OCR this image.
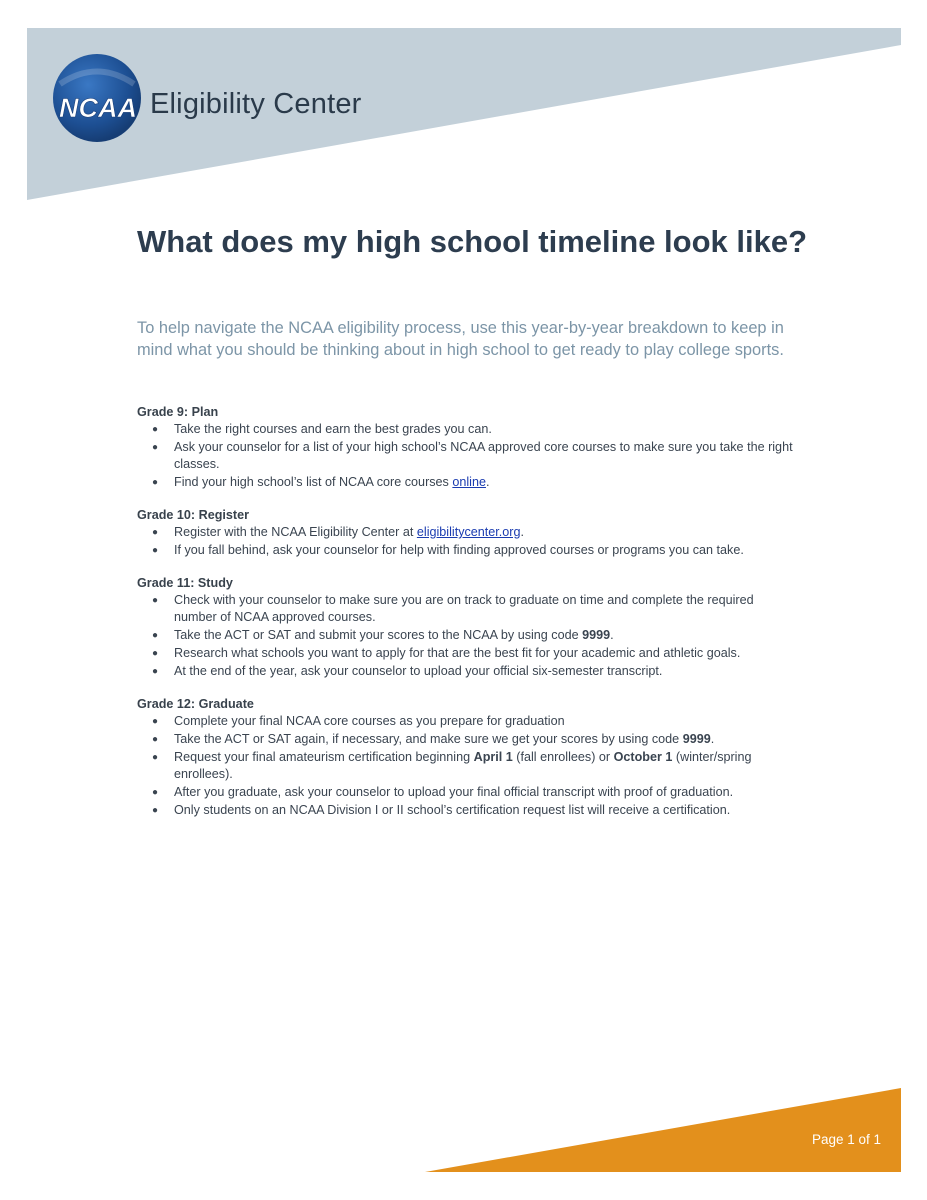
NCAA Eligibility Center
What does my high school timeline look like?

To help navigate the NCAA eligibility process, use this year-by-year breakdown to keep in mind what you should be thinking about in high school to get ready to play college sports.

Grade 9: Plan

● Take the right courses and earn the best grades you can.
● Ask your counselor for a list of your high school’s NCAA approved core courses to make sure you take the right classes.
● Find your high school’s list of NCAA core courses online.

Grade 10: Register

● Register with the NCAA Eligibility Center at eligibilitycenter.org.
● If you fall behind, ask your counselor for help with finding approved courses or programs you can take.

Grade 11: Study

● Check with your counselor to make sure you are on track to graduate on time and complete the required number of NCAA approved courses.
● Take the ACT or SAT and submit your scores to the NCAA by using code 9999.
● Research what schools you want to apply for that are the best fit for your academic and athletic goals.
● At the end of the year, ask your counselor to upload your official six-semester transcript.

Grade 12: Graduate

● Complete your final NCAA core courses as you prepare for graduation
● Take the ACT or SAT again, if necessary, and make sure we get your scores by using code 9999.
● Request your final amateurism certification beginning April 1 (fall enrollees) or October 1 (winter/spring enrollees).
● After you graduate, ask your counselor to upload your final official transcript with proof of graduation.
● Only students on an NCAA Division I or II school’s certification request list will receive a certification.
Page 1 of 1
